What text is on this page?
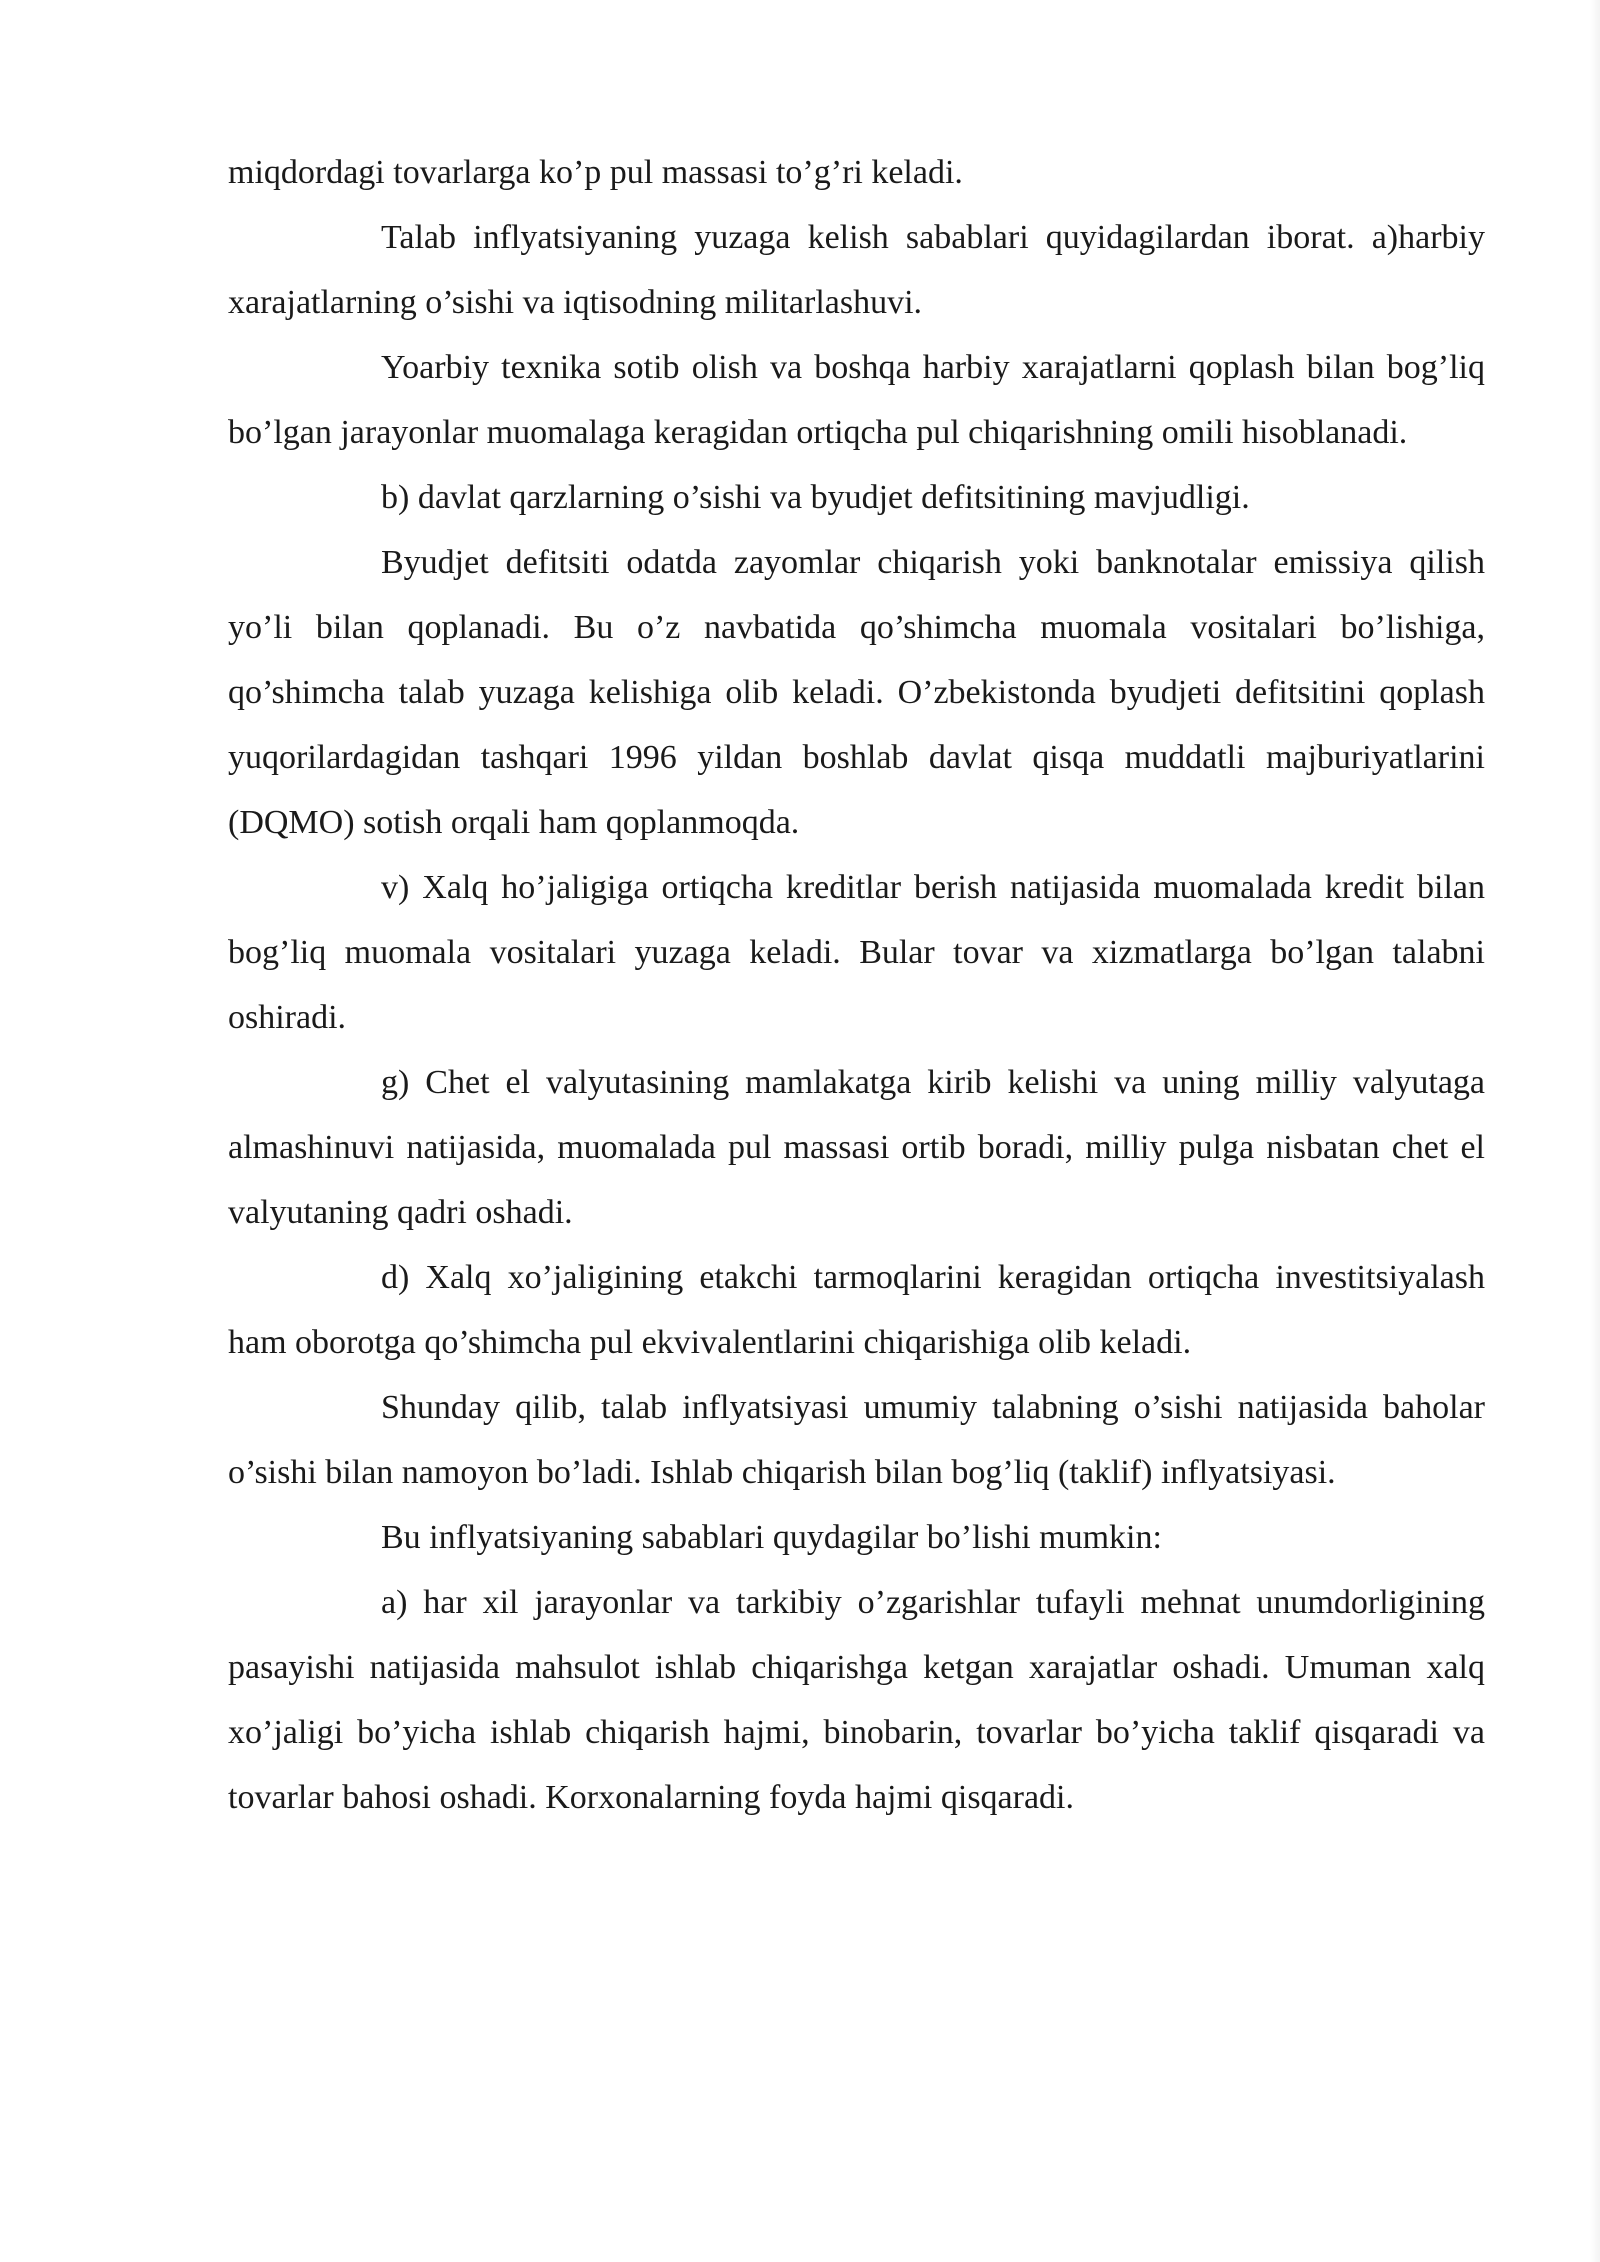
miqdordagi tovarlarga ko’p pul massasi to’g’ri keladi.

Talab inflyatsiyaning yuzaga kelish sabablari quyidagilardan iborat. a)harbiy xarajatlarning o’sishi va iqtisodning militarlashuvi.

Yoarbiy texnika sotib olish va boshqa harbiy xarajatlarni qoplash bilan bog’liq bo’lgan jarayonlar muomalaga keragidan ortiqcha pul chiqarishning omili hisoblanadi.

b) davlat qarzlarning o’sishi va byudjet defitsitining mavjudligi.

Byudjet defitsiti odatda zayomlar chiqarish yoki banknotalar emissiya qilish yo’li bilan qoplanadi. Bu o’z navbatida qo’shimcha muomala vositalari bo’lishiga, qo’shimcha talab yuzaga kelishiga olib keladi. O’zbekistonda byudjeti defitsitini qoplash yuqorilardagidan tashqari 1996 yildan boshlab davlat qisqa muddatli majburiyatlarini (DQMO) sotish orqali ham qoplanmoqda.

v) Xalq ho’jaligiga ortiqcha kreditlar berish natijasida muomalada kredit bilan bog’liq muomala vositalari yuzaga keladi. Bular tovar va xizmatlarga bo’lgan talabni oshiradi.

g) Chet el valyutasining mamlakatga kirib kelishi va uning milliy valyutaga almashinuvi natijasida, muomalada pul massasi ortib boradi, milliy pulga nisbatan chet el valyutaning qadri oshadi.

d) Xalq xo’jaligining etakchi tarmoqlarini keragidan ortiqcha investitsiyalash ham oborotga qo’shimcha pul ekvivalentlarini chiqarishiga olib keladi.

Shunday qilib, talab inflyatsiyasi umumiy talabning o’sishi natijasida baholar o’sishi bilan namoyon bo’ladi. Ishlab chiqarish bilan bog’liq (taklif) inflyatsiyasi.

Bu inflyatsiyaning sabablari quydagilar bo’lishi mumkin:

a) har xil jarayonlar va tarkibiy o’zgarishlar tufayli mehnat unumdorligining pasayishi natijasida mahsulot ishlab chiqarishga ketgan xarajatlar oshadi. Umuman xalq xo’jaligi bo’yicha ishlab chiqarish hajmi, binobarin, tovarlar bo’yicha taklif qisqaradi va tovarlar bahosi oshadi. Korxonalarning foyda hajmi qisqaradi.
